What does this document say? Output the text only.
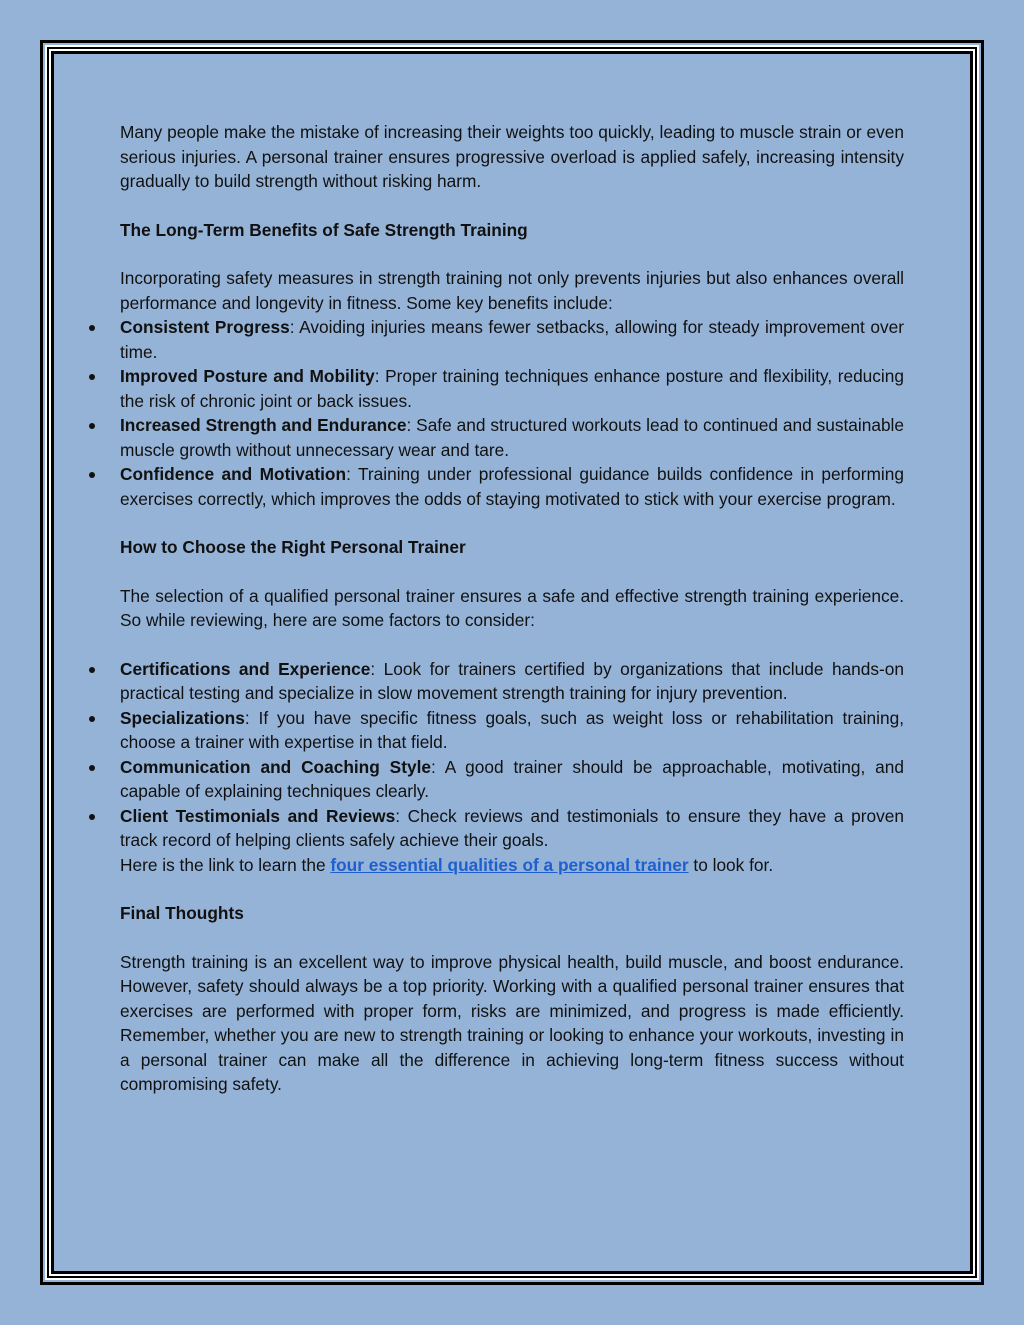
Many people make the mistake of increasing their weights too quickly, leading to muscle strain or even serious injuries. A personal trainer ensures progressive overload is applied safely, increasing intensity gradually to build strength without risking harm.

The Long-Term Benefits of Safe Strength Training

Incorporating safety measures in strength training not only prevents injuries but also enhances overall performance and longevity in fitness. Some key benefits include:

Consistent Progress: Avoiding injuries means fewer setbacks, allowing for steady improvement over time.
Improved Posture and Mobility: Proper training techniques enhance posture and flexibility, reducing the risk of chronic joint or back issues.
Increased Strength and Endurance: Safe and structured workouts lead to continued and sustainable muscle growth without unnecessary wear and tare.
Confidence and Motivation: Training under professional guidance builds confidence in performing exercises correctly, which improves the odds of staying motivated to stick with your exercise program.

How to Choose the Right Personal Trainer

The selection of a qualified personal trainer ensures a safe and effective strength training experience. So while reviewing, here are some factors to consider:

Certifications and Experience: Look for trainers certified by organizations that include hands-on practical testing and specialize in slow movement strength training for injury prevention.
Specializations: If you have specific fitness goals, such as weight loss or rehabilitation training, choose a trainer with expertise in that field.
Communication and Coaching Style: A good trainer should be approachable, motivating, and capable of explaining techniques clearly.
Client Testimonials and Reviews: Check reviews and testimonials to ensure they have a proven track record of helping clients safely achieve their goals.

Here is the link to learn the four essential qualities of a personal trainer to look for.

Final Thoughts

Strength training is an excellent way to improve physical health, build muscle, and boost endurance. However, safety should always be a top priority. Working with a qualified personal trainer ensures that exercises are performed with proper form, risks are minimized, and progress is made efficiently. Remember, whether you are new to strength training or looking to enhance your workouts, investing in a personal trainer can make all the difference in achieving long-term fitness success without compromising safety.
